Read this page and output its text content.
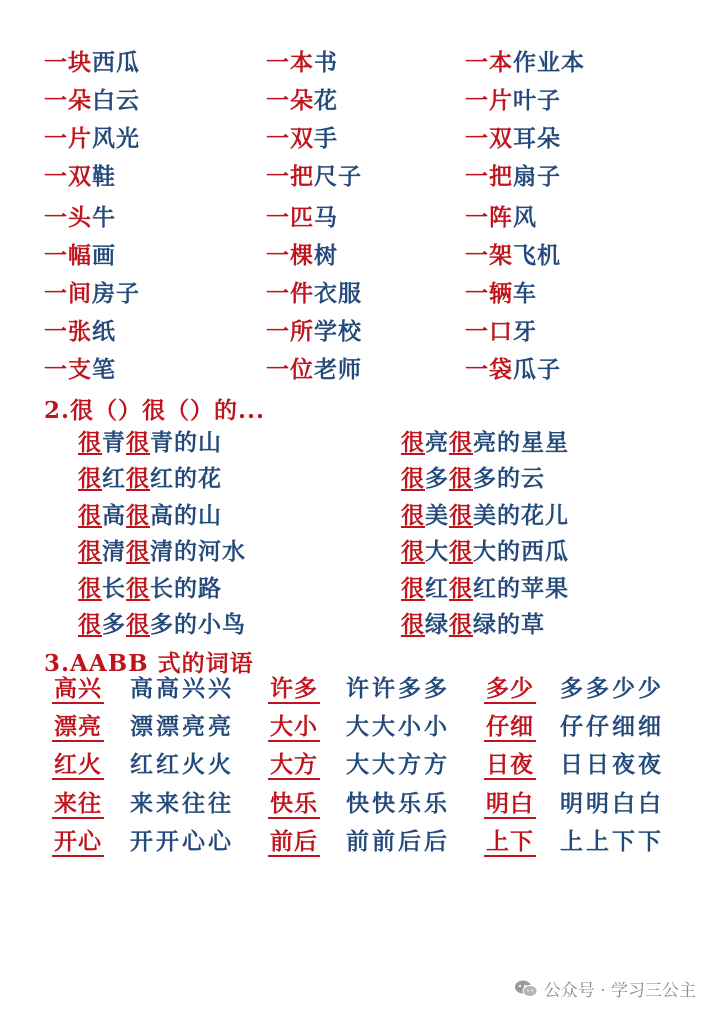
一块西瓜	一本书	一本作业本
一朵白云	一朵花	一片叶子
一片风光	一双手	一双耳朵
一双鞋	一把尺子	一把扇子
一头牛	一匹马	一阵风
一幅画	一棵树	一架飞机
一间房子	一件衣服	一辆车
一张纸	一所学校	一口牙
一支笔	一位老师	一袋瓜子
2.很（）很（）的...
很青很青的山
很红很红的花
很高很高的山
很清很清的河水
很长很长的路
很多很多的小鸟
很亮很亮的星星
很多很多的云
很美很美的花儿
很大很大的西瓜
很红很红的苹果
很绿很绿的草
3.AABB 式的词语
高兴 高高兴兴 许多 许许多多 多少 多多少少
漂亮 漂漂亮亮 大小 大大小小 仔细 仔仔细细
红火 红红火火 大方 大大方方 日夜 日日夜夜
来往 来来往往 快乐 快快乐乐 明白 明明白白
开心 开开心心 前后 前前后后 上下 上上下下
公众号 · 学习三公主
